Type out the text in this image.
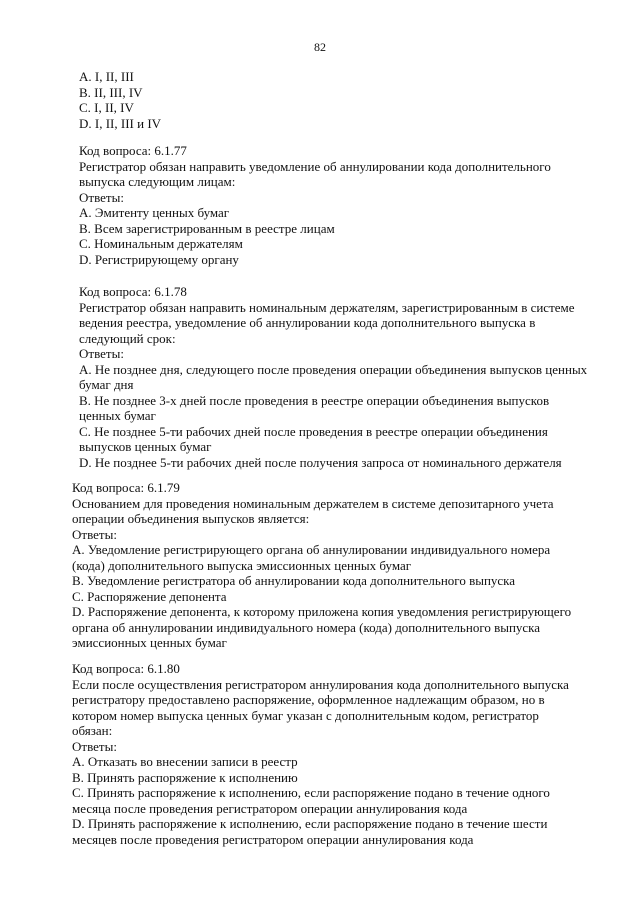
82
A. I, II, III
B. II, III, IV
C. I, II, IV
D. I, II, III и IV
Код вопроса: 6.1.77
Регистратор обязан направить уведомление об аннулировании кода дополнительного
выпуска следующим лицам:
Ответы:
A. Эмитенту ценных бумаг
B. Всем зарегистрированным в реестре лицам
C. Номинальным держателям
D. Регистрирующему органу
Код вопроса: 6.1.78
Регистратор обязан направить номинальным держателям, зарегистрированным в системе
ведения реестра, уведомление об аннулировании кода дополнительного выпуска в
следующий срок:
Ответы:
A. Не позднее дня, следующего после проведения операции объединения выпусков ценных
бумаг дня
B. Не позднее 3-х дней после проведения в реестре операции объединения выпусков
ценных бумаг
C. Не позднее 5-ти рабочих дней после проведения в реестре операции объединения
выпусков ценных бумаг
D. Не позднее 5-ти рабочих дней после получения запроса от номинального держателя
Код вопроса: 6.1.79
Основанием для проведения номинальным держателем в системе депозитарного учета
операции объединения выпусков является:
Ответы:
A. Уведомление регистрирующего органа об аннулировании индивидуального номера
(кода) дополнительного выпуска эмиссионных ценных бумаг
B. Уведомление регистратора об аннулировании кода дополнительного выпуска
C. Распоряжение депонента
D. Распоряжение депонента, к которому приложена копия уведомления регистрирующего
органа об аннулировании индивидуального номера (кода) дополнительного выпуска
эмиссионных ценных бумаг
Код вопроса: 6.1.80
Если после осуществления регистратором аннулирования кода дополнительного выпуска
регистратору предоставлено распоряжение, оформленное надлежащим образом, но в
котором номер выпуска ценных бумаг указан с дополнительным кодом, регистратор
обязан:
Ответы:
A. Отказать во внесении записи в реестр
B. Принять распоряжение к исполнению
C. Принять распоряжение к исполнению, если распоряжение подано в течение одного
месяца после проведения регистратором операции аннулирования кода
D. Принять распоряжение к исполнению, если распоряжение подано в течение шести
месяцев после проведения регистратором операции аннулирования кода
